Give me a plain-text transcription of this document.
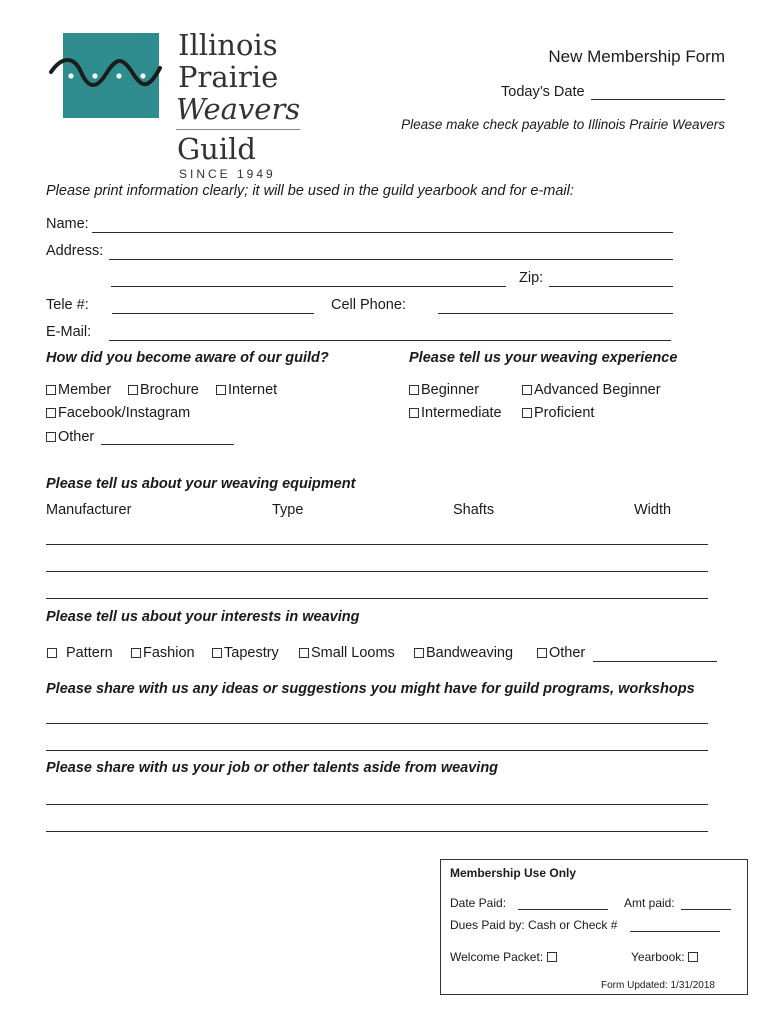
Illinois
Prairie
Weavers
Guild
SINCE 1949
New Membership Form
Today’s Date
Please make check payable to Illinois Prairie Weavers
Please print information clearly; it will be used in the guild yearbook and for e-mail:
Name:
Address:
Zip:
Tele #:	Cell Phone:
E-Mail:
How did you become aware of our guild?
Member	Brochure	Internet
Facebook/Instagram
Other
Please tell us your weaving experience
Beginner	Advanced Beginner
Intermediate	Proficient
Please tell us about your weaving equipment
Manufacturer	Type	Shafts	Width
Please tell us about your interests in weaving
Pattern	Fashion	Tapestry	Small Looms	Bandweaving	Other
Please share with us any ideas or suggestions you might have for guild programs, workshops
Please share with us your job or other talents aside from weaving
Membership Use Only
Date Paid:	Amt paid:
Dues Paid by: Cash or Check #
Welcome Packet:	Yearbook:
Form Updated: 1/31/2018
